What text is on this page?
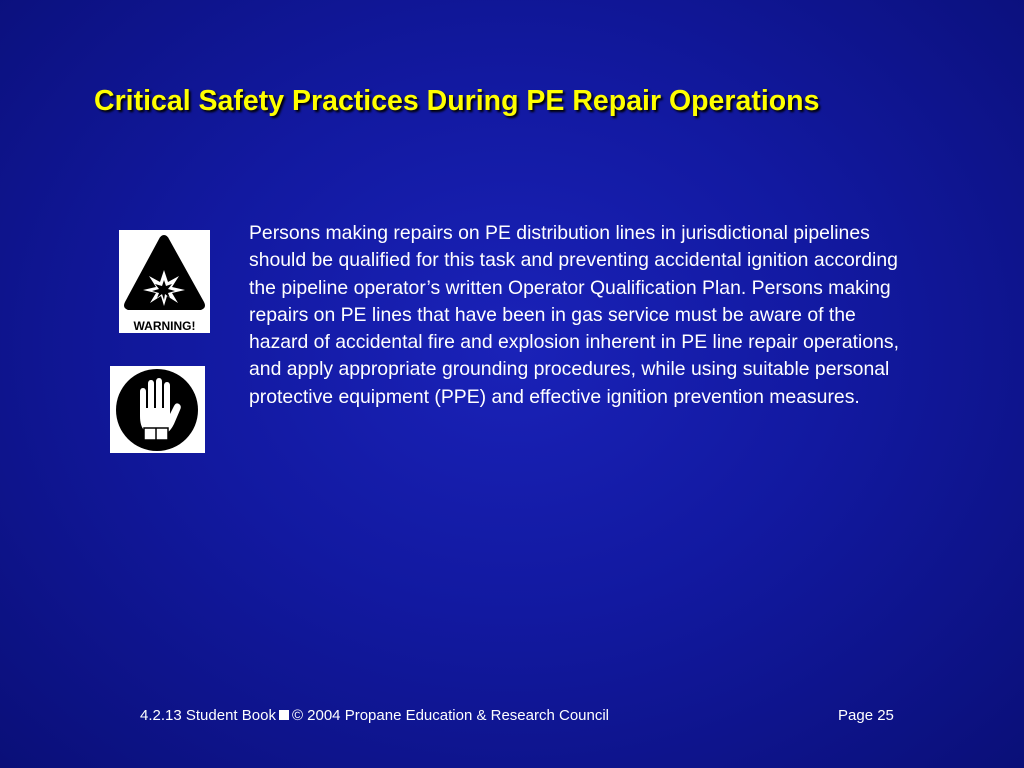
Critical Safety Practices During PE Repair Operations
WARNING!

Persons making repairs on PE distribution lines in jurisdictional pipelines should be qualified for this task and preventing accidental ignition according the pipeline operator’s written Operator Qualification Plan. Persons making repairs on PE lines that have been in gas service must be aware of the hazard of accidental fire and explosion inherent in PE line repair operations, and apply appropriate grounding procedures, while using suitable personal protective equipment (PPE) and effective ignition prevention measures.

4.2.13 Student Book © 2004 Propane Education & Research Council	Page 25
